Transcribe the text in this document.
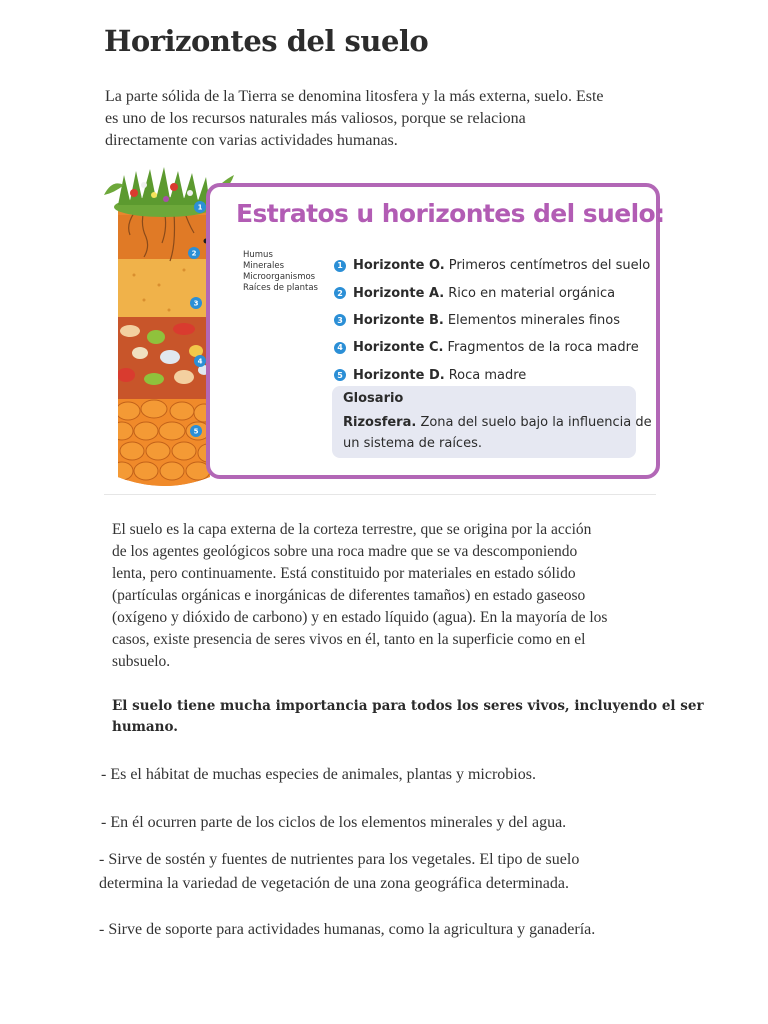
Horizontes del suelo
La parte sólida de la Tierra se denomina litosfera y la más externa, suelo. Este
es uno de los recursos naturales más valiosos, porque se relaciona
directamente con varias actividades humanas.
1
2
3
4
5
Estratos u horizontes del suelo:
Humus
Minerales
Microorganismos
Raíces de plantas
1 Horizonte O. Primeros centímetros del suelo
2 Horizonte A. Rico en material orgánica
3 Horizonte B. Elementos minerales finos
4 Horizonte C. Fragmentos de la roca madre
5 Horizonte D. Roca madre
Glosario
Rizosfera. Zona del suelo bajo la influencia de
un sistema de raíces.
El suelo es la capa externa de la corteza terrestre, que se origina por la acción
de los agentes geológicos sobre una roca madre que se va descomponiendo
lenta, pero continuamente. Está constituido por materiales en estado sólido
(partículas orgánicas e inorgánicas de diferentes tamaños) en estado gaseoso
(oxígeno y dióxido de carbono) y en estado líquido (agua). En la mayoría de los
casos, existe presencia de seres vivos en él, tanto en la superficie como en el
subsuelo.
El suelo tiene mucha importancia para todos los seres vivos, incluyendo el ser
humano.
- Es el hábitat de muchas especies de animales, plantas y microbios.
- En él ocurren parte de los ciclos de los elementos minerales y del agua.
- Sirve de sostén y fuentes de nutrientes para los vegetales. El tipo de suelo
determina la variedad de vegetación de una zona geográfica determinada.
- Sirve de soporte para actividades humanas, como la agricultura y ganadería.
